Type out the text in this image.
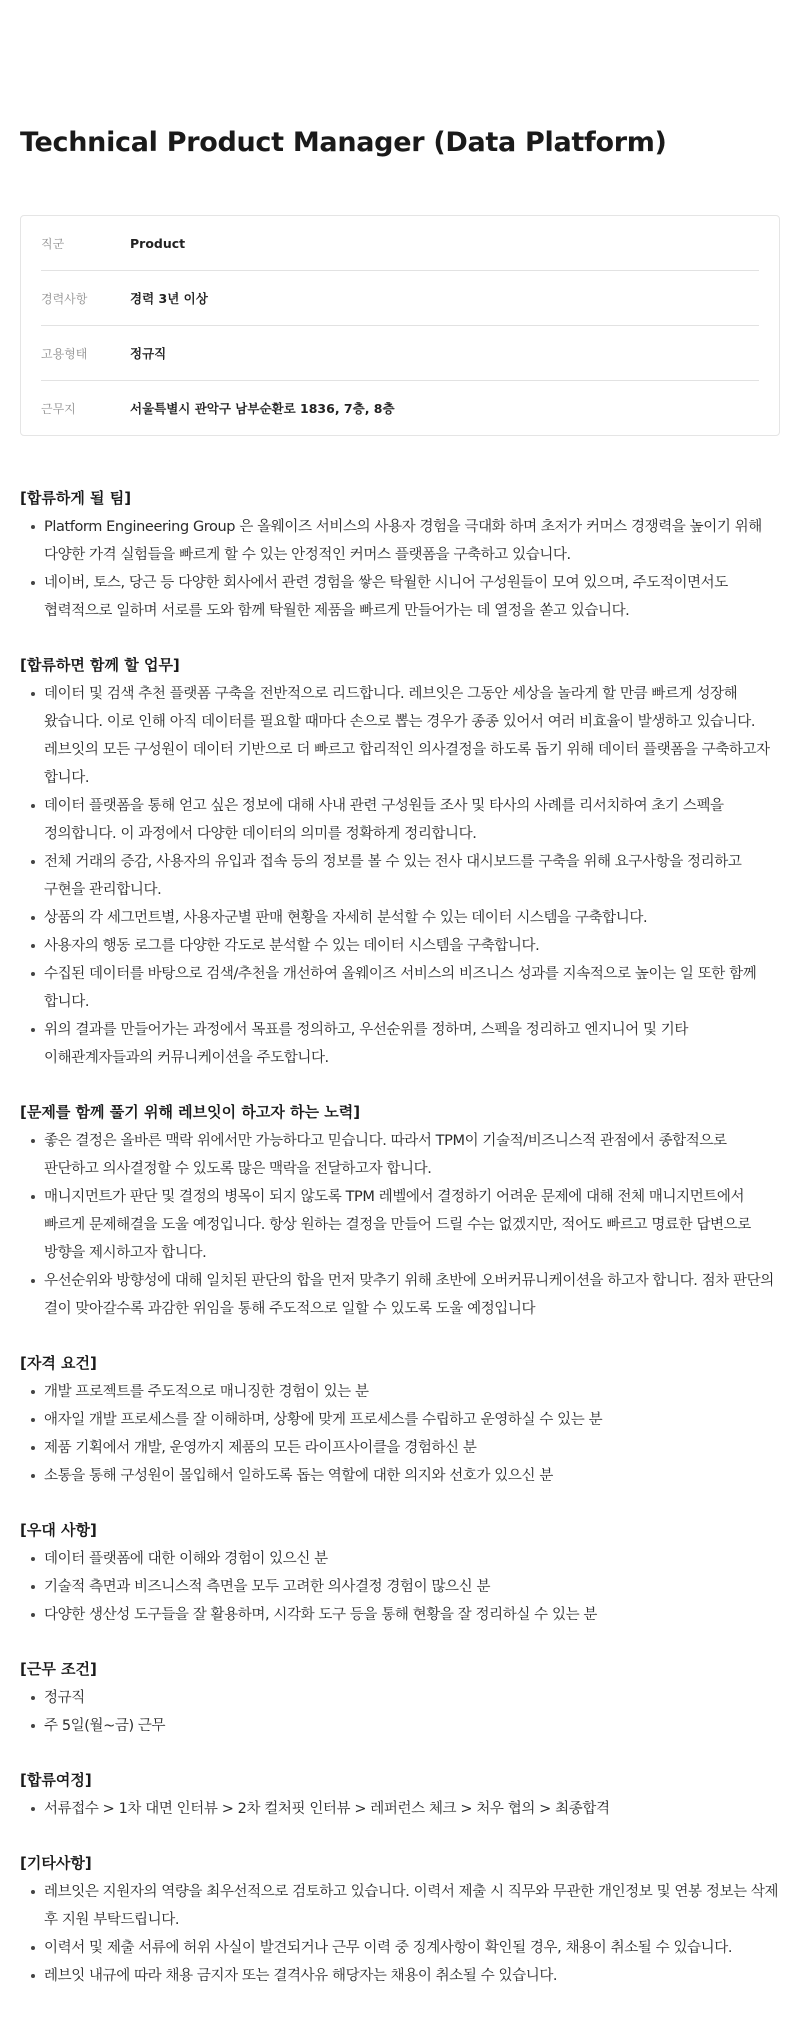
Technical Product Manager (Data Platform)
직군	Product
경력사항	경력 3년 이상
고용형태	정규직
근무지	서울특별시 관악구 남부순환로 1836, 7층, 8층
[합류하게 될 팀]
Platform Engineering Group 은 올웨이즈 서비스의 사용자 경험을 극대화 하며 초저가 커머스 경쟁력을 높이기 위해 다양한 가격 실험들을 빠르게 할 수 있는 안정적인 커머스 플랫폼을 구축하고 있습니다.
네이버, 토스, 당근 등 다양한 회사에서 관련 경험을 쌓은 탁월한 시니어 구성원들이 모여 있으며, 주도적이면서도 협력적으로 일하며 서로를 도와 함께 탁월한 제품을 빠르게 만들어가는 데 열정을 쏟고 있습니다.
[합류하면 함께 할 업무]
데이터 및 검색 추천 플랫폼 구축을 전반적으로 리드합니다. 레브잇은 그동안 세상을 놀라게 할 만큼 빠르게 성장해 왔습니다. 이로 인해 아직 데이터를 필요할 때마다 손으로 뽑는 경우가 종종 있어서 여러 비효율이 발생하고 있습니다. 레브잇의 모든 구성원이 데이터 기반으로 더 빠르고 합리적인 의사결정을 하도록 돕기 위해 데이터 플랫폼을 구축하고자 합니다.
데이터 플랫폼을 통해 얻고 싶은 정보에 대해 사내 관련 구성원들 조사 및 타사의 사례를 리서치하여 초기 스펙을 정의합니다. 이 과정에서 다양한 데이터의 의미를 정확하게 정리합니다.
전체 거래의 증감, 사용자의 유입과 접속 등의 정보를 볼 수 있는 전사 대시보드를 구축을 위해 요구사항을 정리하고 구현을 관리합니다.
상품의 각 세그먼트별, 사용자군별 판매 현황을 자세히 분석할 수 있는 데이터 시스템을 구축합니다.
사용자의 행동 로그를 다양한 각도로 분석할 수 있는 데이터 시스템을 구축합니다.
수집된 데이터를 바탕으로 검색/추천을 개선하여 올웨이즈 서비스의 비즈니스 성과를 지속적으로 높이는 일 또한 함께 합니다.
위의 결과를 만들어가는 과정에서 목표를 정의하고, 우선순위를 정하며, 스펙을 정리하고 엔지니어 및 기타 이해관계자들과의 커뮤니케이션을 주도합니다.
[문제를 함께 풀기 위해 레브잇이 하고자 하는 노력]
좋은 결정은 올바른 맥락 위에서만 가능하다고 믿습니다. 따라서 TPM이 기술적/비즈니스적 관점에서 종합적으로 판단하고 의사결정할 수 있도록 많은 맥락을 전달하고자 합니다.
매니지먼트가 판단 및 결정의 병목이 되지 않도록 TPM 레벨에서 결정하기 어려운 문제에 대해 전체 매니지먼트에서 빠르게 문제해결을 도울 예정입니다. 항상 원하는 결정을 만들어 드릴 수는 없겠지만, 적어도 빠르고 명료한 답변으로 방향을 제시하고자 합니다.
우선순위와 방향성에 대해 일치된 판단의 합을 먼저 맞추기 위해 초반에 오버커뮤니케이션을 하고자 합니다. 점차 판단의 결이 맞아갈수록 과감한 위임을 통해 주도적으로 일할 수 있도록 도울 예정입니다
[자격 요건]
개발 프로젝트를 주도적으로 매니징한 경험이 있는 분
애자일 개발 프로세스를 잘 이해하며, 상황에 맞게 프로세스를 수립하고 운영하실 수 있는 분
제품 기획에서 개발, 운영까지 제품의 모든 라이프사이클을 경험하신 분
소통을 통해 구성원이 몰입해서 일하도록 돕는 역할에 대한 의지와 선호가 있으신 분
[우대 사항]
데이터 플랫폼에 대한 이해와 경험이 있으신 분
기술적 측면과 비즈니스적 측면을 모두 고려한 의사결정 경험이 많으신 분
다양한 생산성 도구들을 잘 활용하며, 시각화 도구 등을 통해 현황을 잘 정리하실 수 있는 분
[근무 조건]
정규직
주 5일(월~금) 근무
[합류여정]
서류접수 > 1차 대면 인터뷰 > 2차 컬처핏 인터뷰 > 레퍼런스 체크 > 처우 협의 > 최종합격
[기타사항]
레브잇은 지원자의 역량을 최우선적으로 검토하고 있습니다. 이력서 제출 시 직무와 무관한 개인정보 및 연봉 정보는 삭제 후 지원 부탁드립니다.
이력서 및 제출 서류에 허위 사실이 발견되거나 근무 이력 중 징계사항이 확인될 경우, 채용이 취소될 수 있습니다.
레브잇 내규에 따라 채용 금지자 또는 결격사유 해당자는 채용이 취소될 수 있습니다.
